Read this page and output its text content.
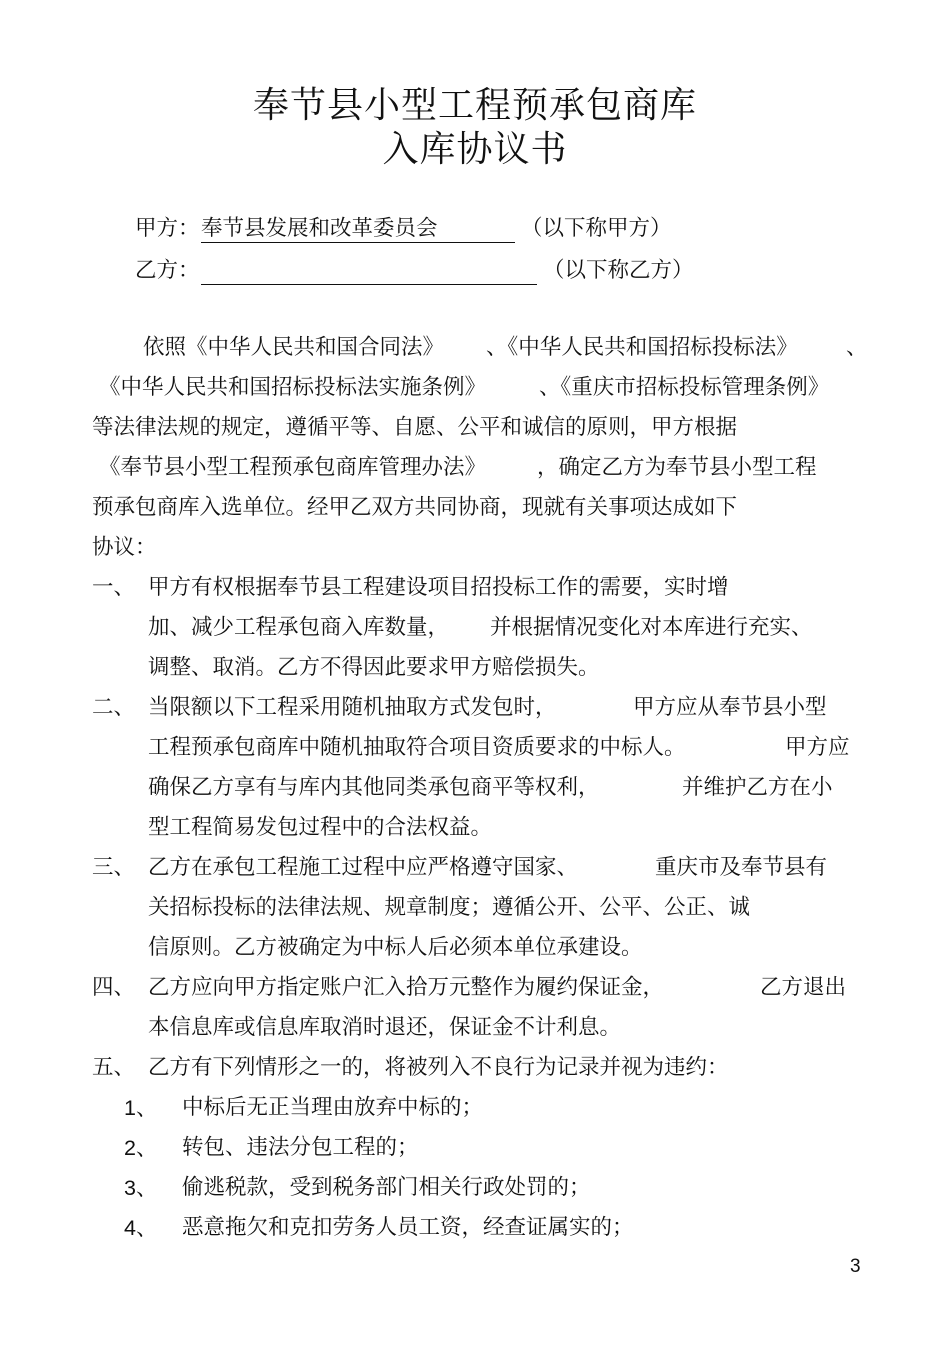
奉节县小型工程预承包商库
入库协议书
甲方： 奉节县发展和改革委员会	（以下称甲方）
乙方：	（以下称乙方）
依照《中华人民共和国合同法》 、《中华人民共和国招标投标法》 、
《中华人民共和国招标投标法实施条例》 、《重庆市招标投标管理条例》
等法律法规的规定，遵循平等、自愿、公平和诚信的原则，甲方根据
《奉节县小型工程预承包商库管理办法》 ，确定乙方为奉节县小型工程
预承包商库入选单位。经甲乙双方共同协商，现就有关事项达成如下
协议：
一、 甲方有权根据奉节县工程建设项目招投标工作的需要，实时增
加、减少工程承包商入库数量， 并根据情况变化对本库进行充实、
调整、取消。乙方不得因此要求甲方赔偿损失。
二、 当限额以下工程采用随机抽取方式发包时，	甲方应从奉节县小型
工程预承包商库中随机抽取符合项目资质要求的中标人。	甲方应
确保乙方享有与库内其他同类承包商平等权利，	并维护乙方在小
型工程简易发包过程中的合法权益。
三、 乙方在承包工程施工过程中应严格遵守国家、	重庆市及奉节县有
关招标投标的法律法规、规章制度；遵循公开、公平、公正、诚
信原则。乙方被确定为中标人后必须本单位承建设。
四、 乙方应向甲方指定账户汇入拾万元整作为履约保证金，	乙方退出
本信息库或信息库取消时退还，保证金不计利息。
五、 乙方有下列情形之一的，将被列入不良行为记录并视为违约：
1、 中标后无正当理由放弃中标的；
2、 转包、违法分包工程的；
3、 偷逃税款，受到税务部门相关行政处罚的；
4、 恶意拖欠和克扣劳务人员工资，经查证属实的；
3
